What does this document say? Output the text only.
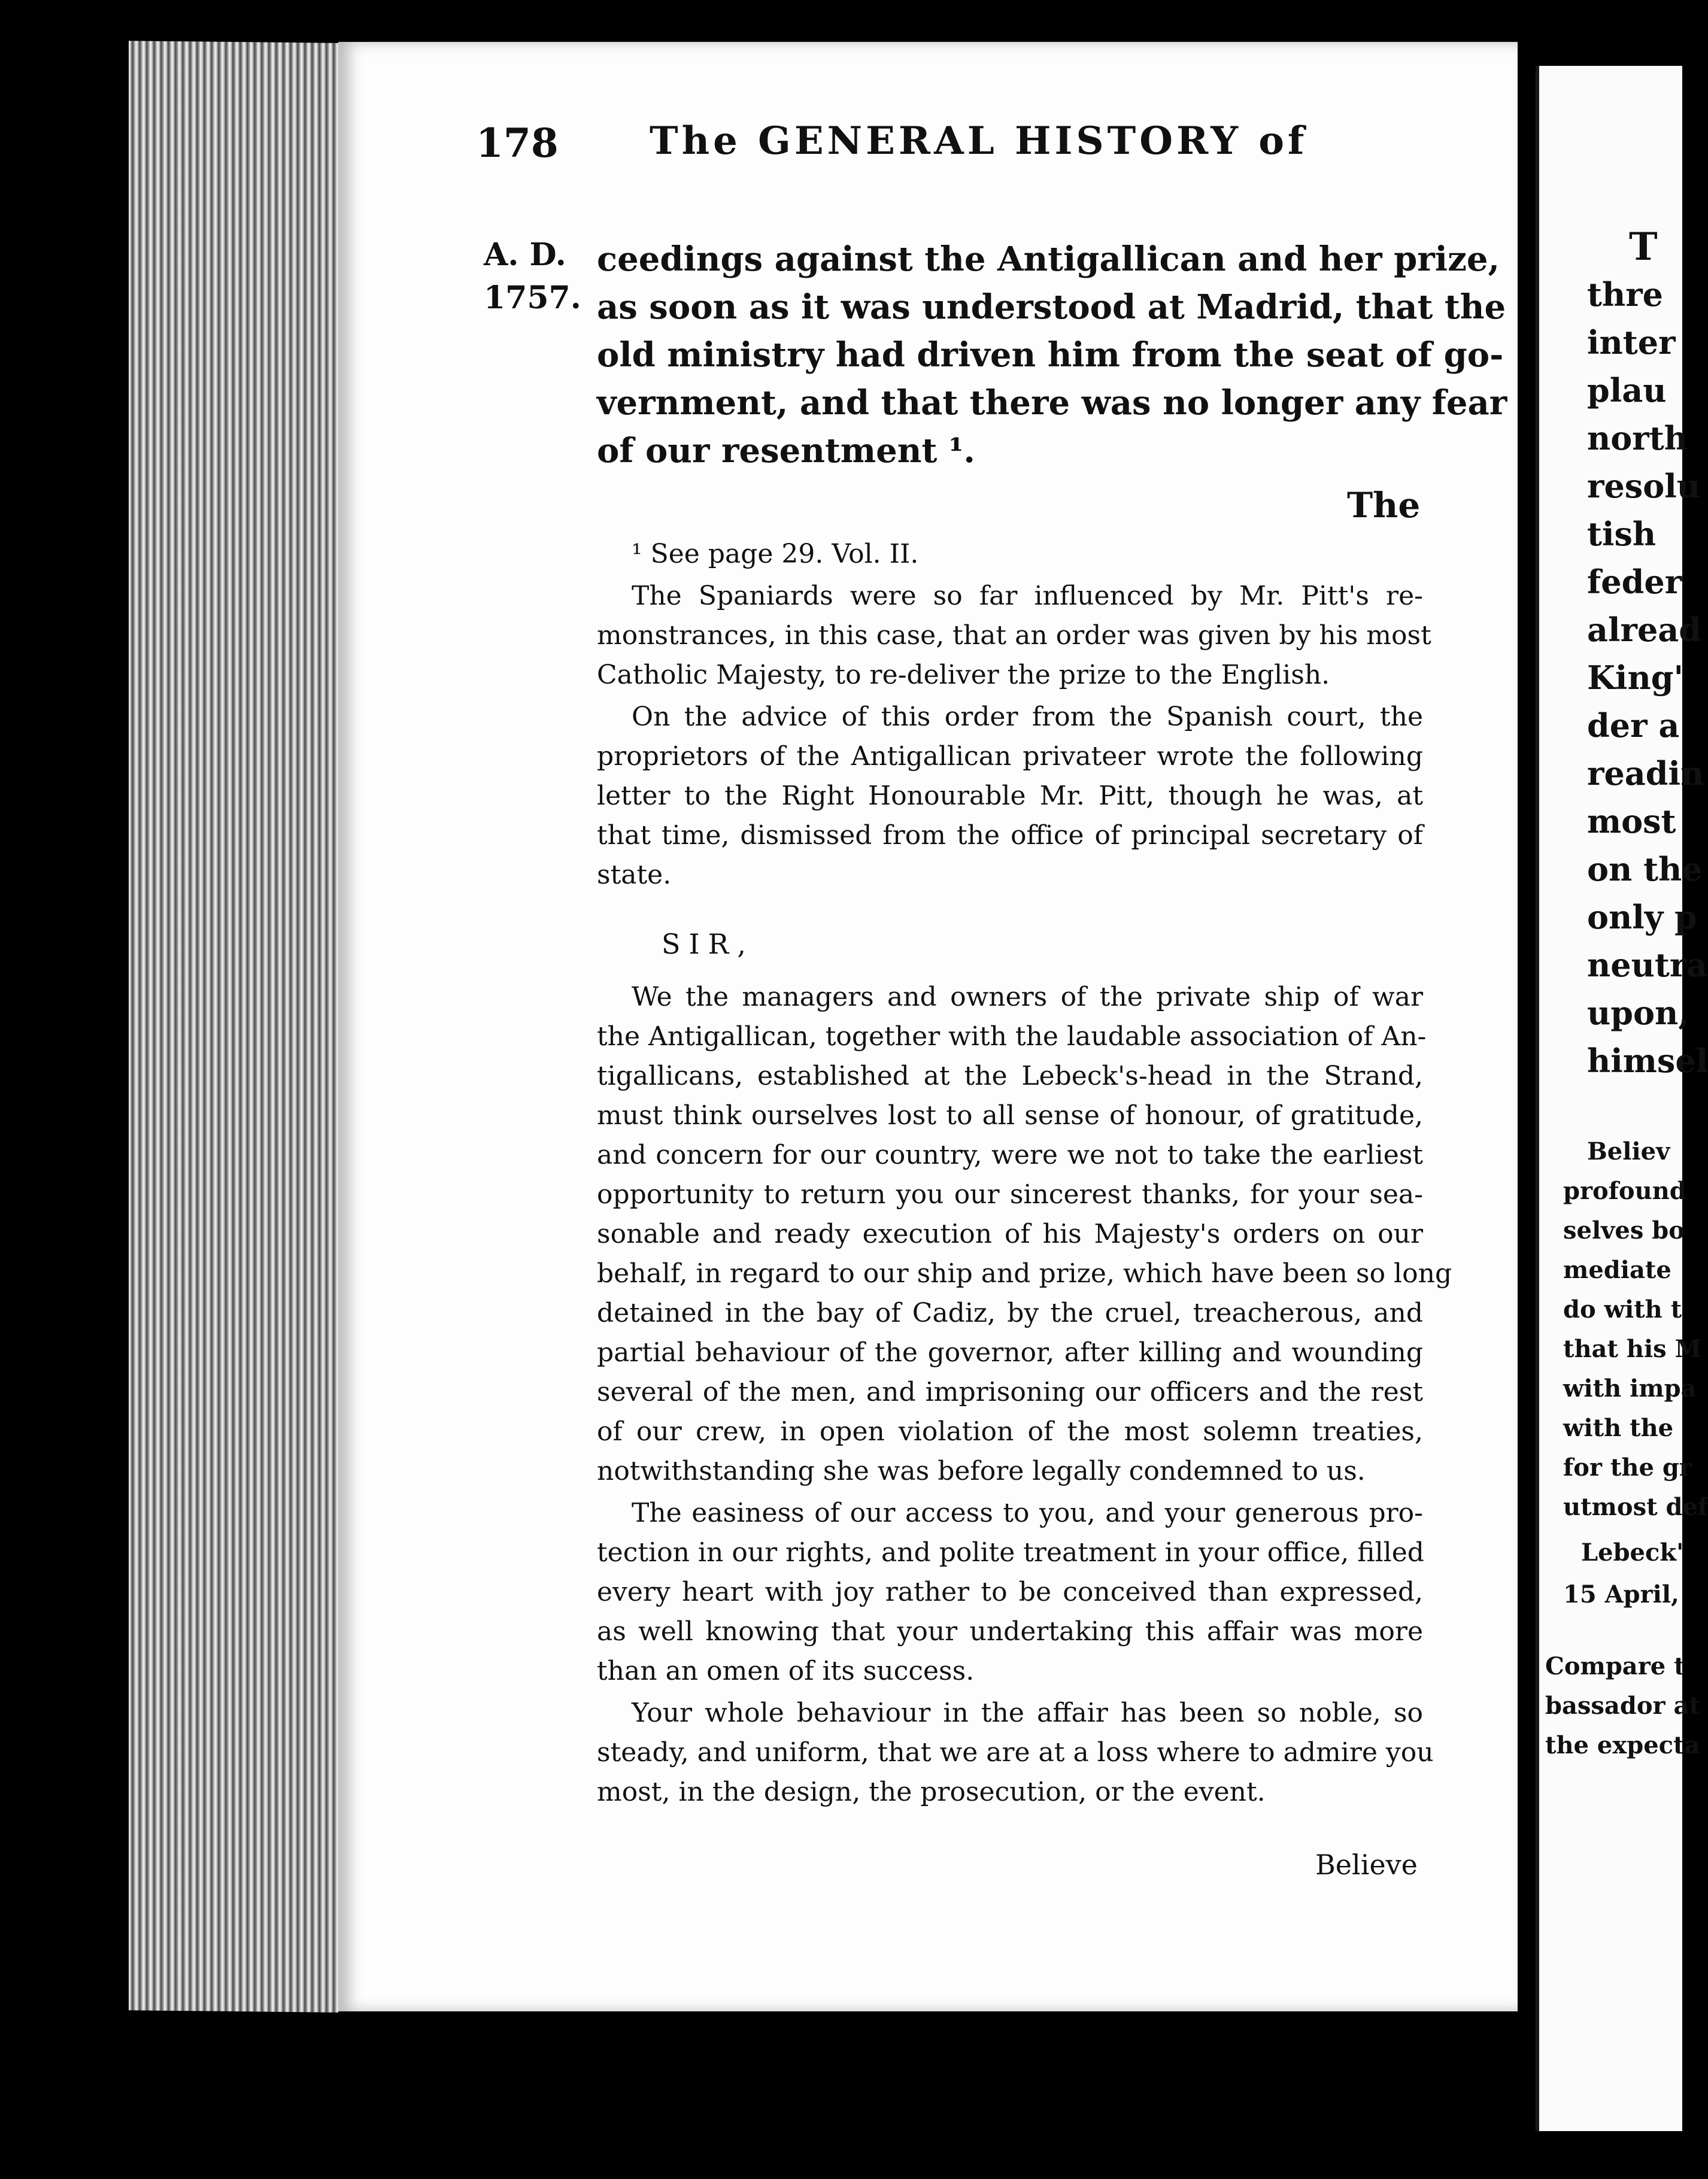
178 The GENERAL HISTORY of
A. D.
1757.
ceedings against the Antigallican and her prize,
as soon as it was understood at Madrid, that the
old ministry had driven him from the seat of go-
vernment, and that there was no longer any fear
of our resentment ¹.
The
¹ See page 29. Vol. II.
The Spaniards were so far influenced by Mr. Pitt's re-
monstrances, in this case, that an order was given by his most
Catholic Majesty, to re-deliver the prize to the English.
On the advice of this order from the Spanish court, the
proprietors of the Antigallican privateer wrote the following
letter to the Right Honourable Mr. Pitt, though he was, at
that time, dismissed from the office of principal secretary of
state.
SIR,
We the managers and owners of the private ship of war
the Antigallican, together with the laudable association of An-
tigallicans, established at the Lebeck's-head in the Strand,
must think ourselves lost to all sense of honour, of gratitude,
and concern for our country, were we not to take the earliest
opportunity to return you our sincerest thanks, for your sea-
sonable and ready execution of his Majesty's orders on our
behalf, in regard to our ship and prize, which have been so long
detained in the bay of Cadiz, by the cruel, treacherous, and
partial behaviour of the governor, after killing and wounding
several of the men, and imprisoning our officers and the rest
of our crew, in open violation of the most solemn treaties,
notwithstanding she was before legally condemned to us.
The easiness of our access to you, and your generous pro-
tection in our rights, and polite treatment in your office, filled
every heart with joy rather to be conceived than expressed,
as well knowing that your undertaking this affair was more
than an omen of its success.
Your whole behaviour in the affair has been so noble, so
steady, and uniform, that we are at a loss where to admire you
most, in the design, the prosecution, or the event.
Believe
T
thre
inter
plau
north
resolu
tish
feder
alread
King'
der a
readin
most
on the
only p
neutra
upon,
himsel
Believ
profound
selves bo
mediate
do with t
that his M
with impa
with the
for the gr
utmost def
Lebeck'
15 April,
Compare t
bassador at
the expecta
